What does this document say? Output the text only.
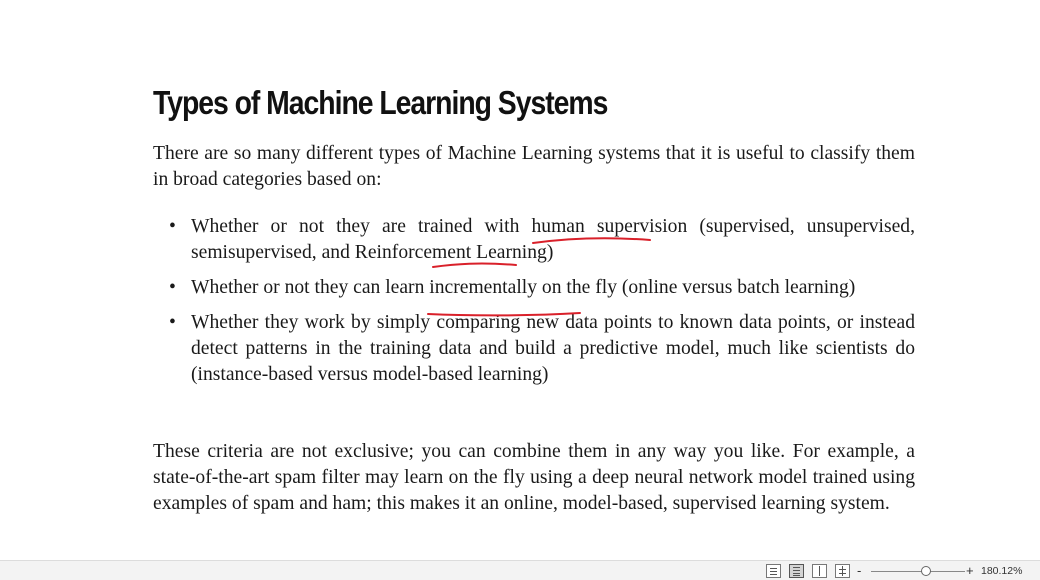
Types of Machine Learning Systems

There are so many different types of Machine Learning systems that it is useful to classify them in broad categories based on:

• Whether or not they are trained with human supervision (supervised, unsupervised, semisupervised, and Reinforcement Learning)
• Whether or not they can learn incrementally on the fly (online versus batch learning)
• Whether they work by simply comparing new data points to known data points, or instead detect patterns in the training data and build a predictive model, much like scientists do (instance-based versus model-based learning)

These criteria are not exclusive; you can combine them in any way you like. For example, a state-of-the-art spam filter may learn on the fly using a deep neural network model trained using examples of spam and ham; this makes it an online, model-based, supervised learning system.

-	+ 180.12%
